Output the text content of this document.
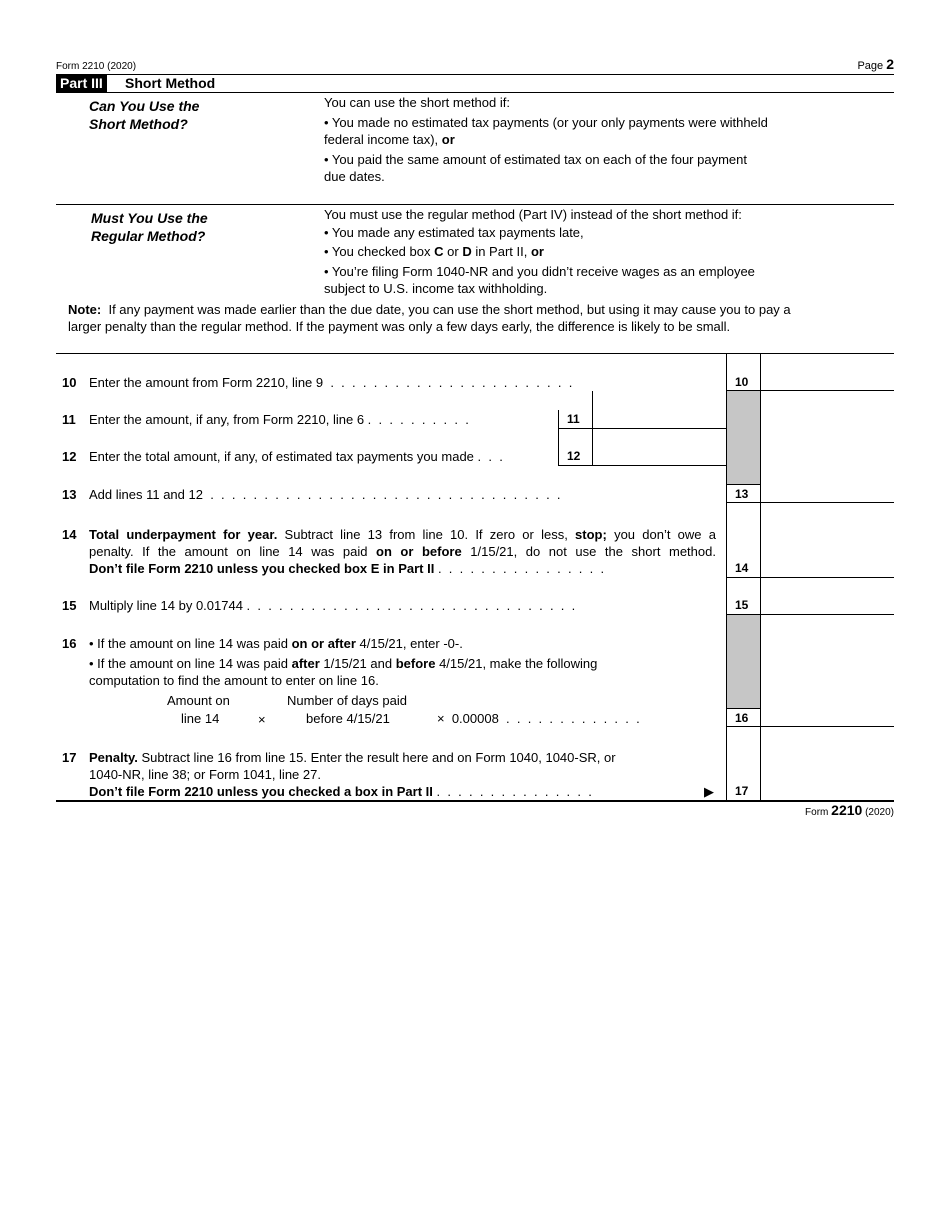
Form 2210 (2020)	Page 2
Part III Short Method
Can You Use the
Short Method?
You can use the short method if:
• You made no estimated tax payments (or your only payments were withheld
federal income tax), or
• You paid the same amount of estimated tax on each of the four payment
due dates.
Must You Use the
Regular Method?
You must use the regular method (Part IV) instead of the short method if:
• You made any estimated tax payments late,
• You checked box C or D in Part II, or
• You’re filing Form 1040-NR and you didn’t receive wages as an employee
subject to U.S. income tax withholding.
Note: If any payment was made earlier than the due date, you can use the short method, but using it may cause you to pay a
larger penalty than the regular method. If the payment was only a few days early, the difference is likely to be small.
10 Enter the amount from Form 2210, line 9  .  .  .  .  .  .  .  .  .  .  .  .  .  .  .  .  .  .  .  .  .  .  .	10
11 Enter the amount, if any, from Form 2210, line 6 .  .  .  .  .  .  .  .  .  .	11
12 Enter the total amount, if any, of estimated tax payments you made .  .  .	12
13 Add lines 11 and 12  .  .  .  .  .  .  .  .  .  .  .  .  .  .  .  .  .  .  .  .  .  .  .  .  .  .  .  .  .  .  .  .  .	13
14 Total underpayment for year. Subtract line 13 from line 10. If zero or less, stop; you don’t owe a
penalty. If the amount on line 14 was paid on or before 1/15/21, do not use the short method.
Don’t file Form 2210 unless you checked box E in Part II .  .  .  .  .  .  .  .  .  .  .  .  .  .  .  .	14
15 Multiply line 14 by 0.01744 .  .  .  .  .  .  .  .  .  .  .  .  .  .  .  .  .  .  .  .  .  .  .  .  .  .  .  .  .  .  .	15
16 • If the amount on line 14 was paid on or after 4/15/21, enter -0-.
• If the amount on line 14 was paid after 1/15/21 and before 4/15/21, make the following
computation to find the amount to enter on line 16.
Amount on
line 14	×
Number of days paid
before 4/15/21	× 0.00008  .  .  .  .  .  .  .  .  .  .  .  .  .	16
17 Penalty. Subtract line 16 from line 15. Enter the result here and on Form 1040, 1040-SR, or
1040-NR, line 38; or Form 1041, line 27.
Don’t file Form 2210 unless you checked a box in Part II .  .  .  .  .  .  .  .  .  .  .  .  .  .  .	▶ 17
Form 2210 (2020)
